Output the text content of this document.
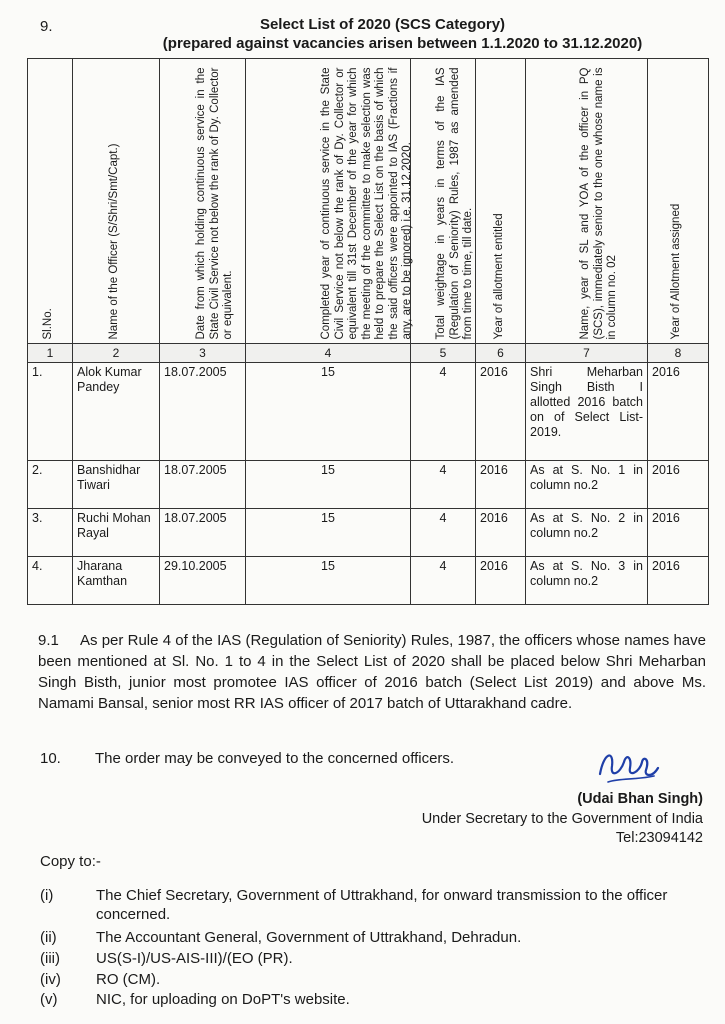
9.	Select List of 2020 (SCS Category)
(prepared against vacancies arisen between 1.1.2020 to 31.12.2020)
Sl.No.	Name of the Officer (S/Shri/Smt/Capt.)	Date from which holding continuous service in the State Civil Service not below the rank of Dy. Collector or equivalent.	Completed year of continuous service in the State Civil Service not below the rank of Dy. Collector or equivalent till 31st December of the year for which the meeting of the committee to make selection was held to prepare the Select List on the basis of which the said officers were appointed to IAS (Fractions if any, are to be ignored) i.e. 31.12.2020.	Total weightage in years in terms of the IAS (Regulation of Seniority) Rules, 1987 as amended from time to time, till date.	Year of allotment entitled	Name, year of SL and YOA of the officer in PQ (SCS), immediately senior to the one whose name is in column no. 02	Year of Allotment assigned

1	2	3	4	5	6	7	8
1.	Alok Kumar Pandey	18.07.2005	15	4	2016	Shri Meharban Singh Bisth I allotted 2016 batch on of Select List-2019.	2016
2.	Banshidhar Tiwari	18.07.2005	15	4	2016	As at S. No. 1 in column no.2	2016
3.	Ruchi Mohan Rayal	18.07.2005	15	4	2016	As at S. No. 2 in column no.2	2016
4.	Jharana Kamthan	29.10.2005	15	4	2016	As at S. No. 3 in column no.2	2016
9.1     As per Rule 4 of the IAS (Regulation of Seniority) Rules, 1987, the officers whose names have been mentioned at Sl. No. 1 to 4 in the Select List of 2020 shall be placed below Shri Meharban Singh Bisth, junior most promotee IAS officer of 2016 batch (Select List 2019) and above Ms. Namami Bansal, senior most RR IAS officer of 2017 batch of Uttarakhand cadre.
10. The order may be conveyed to the concerned officers.
(Udai Bhan Singh)
Under Secretary to the Government of India
Tel:23094142
Copy to:-
(i)	The Chief Secretary, Government of Uttrakhand, for onward transmission to the officer concerned.
(ii)	The Accountant General, Government of Uttrakhand, Dehradun.
(iii) US(S-I)/US-AIS-III)/(EO (PR).
(iv) RO (CM).
(v)	NIC, for uploading on DoPT's website.
